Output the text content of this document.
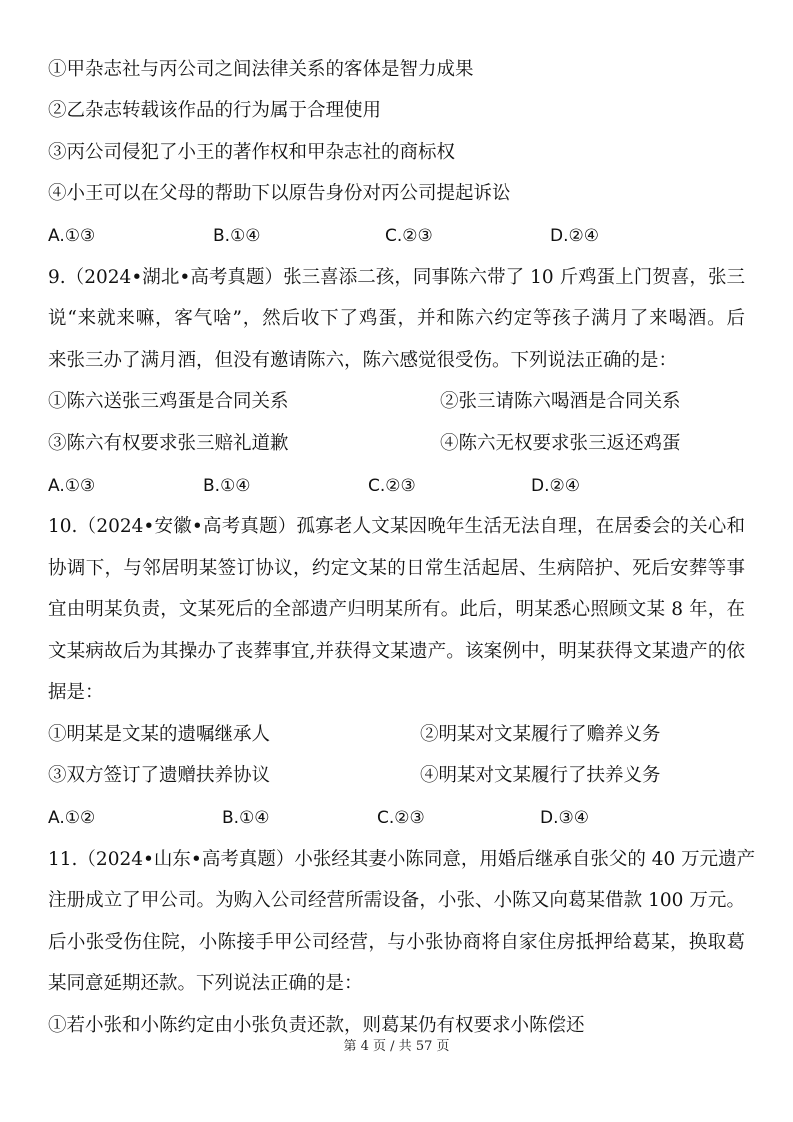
①甲杂志社与丙公司之间法律关系的客体是智力成果
②乙杂志转载该作品的行为属于合理使用
③丙公司侵犯了小王的著作权和甲杂志社的商标权
④小王可以在父母的帮助下以原告身份对丙公司提起诉讼
A.①③	B.①④	C.②③	D.②④
9.（2024•湖北•高考真题）张三喜添二孩，同事陈六带了 10 斤鸡蛋上门贺喜，张三
说“来就来嘛，客气啥”，然后收下了鸡蛋，并和陈六约定等孩子满月了来喝酒。后
来张三办了满月酒，但没有邀请陈六，陈六感觉很受伤。下列说法正确的是：
①陈六送张三鸡蛋是合同关系	②张三请陈六喝酒是合同关系
③陈六有权要求张三赔礼道歉	④陈六无权要求张三返还鸡蛋
A.①③	B.①④	C.②③	D.②④
10.（2024•安徽•高考真题）孤寡老人文某因晚年生活无法自理，在居委会的关心和
协调下，与邻居明某签订协议，约定文某的日常生活起居、生病陪护、死后安葬等事
宜由明某负责，文某死后的全部遗产归明某所有。此后，明某悉心照顾文某 8 年，在
文某病故后为其操办了丧葬事宜,并获得文某遗产。该案例中，明某获得文某遗产的依
据是：
①明某是文某的遗嘱继承人	②明某对文某履行了赡养义务
③双方签订了遗赠扶养协议	④明某对文某履行了扶养义务
A.①②	B.①④	C.②③	D.③④
11.（2024•山东•高考真题）小张经其妻小陈同意，用婚后继承自张父的 40 万元遗产
注册成立了甲公司。为购入公司经营所需设备，小张、小陈又向葛某借款 100 万元。
后小张受伤住院，小陈接手甲公司经营，与小张协商将自家住房抵押给葛某，换取葛
某同意延期还款。下列说法正确的是：
①若小张和小陈约定由小张负责还款，则葛某仍有权要求小陈偿还
第 4 页 / 共 57 页
